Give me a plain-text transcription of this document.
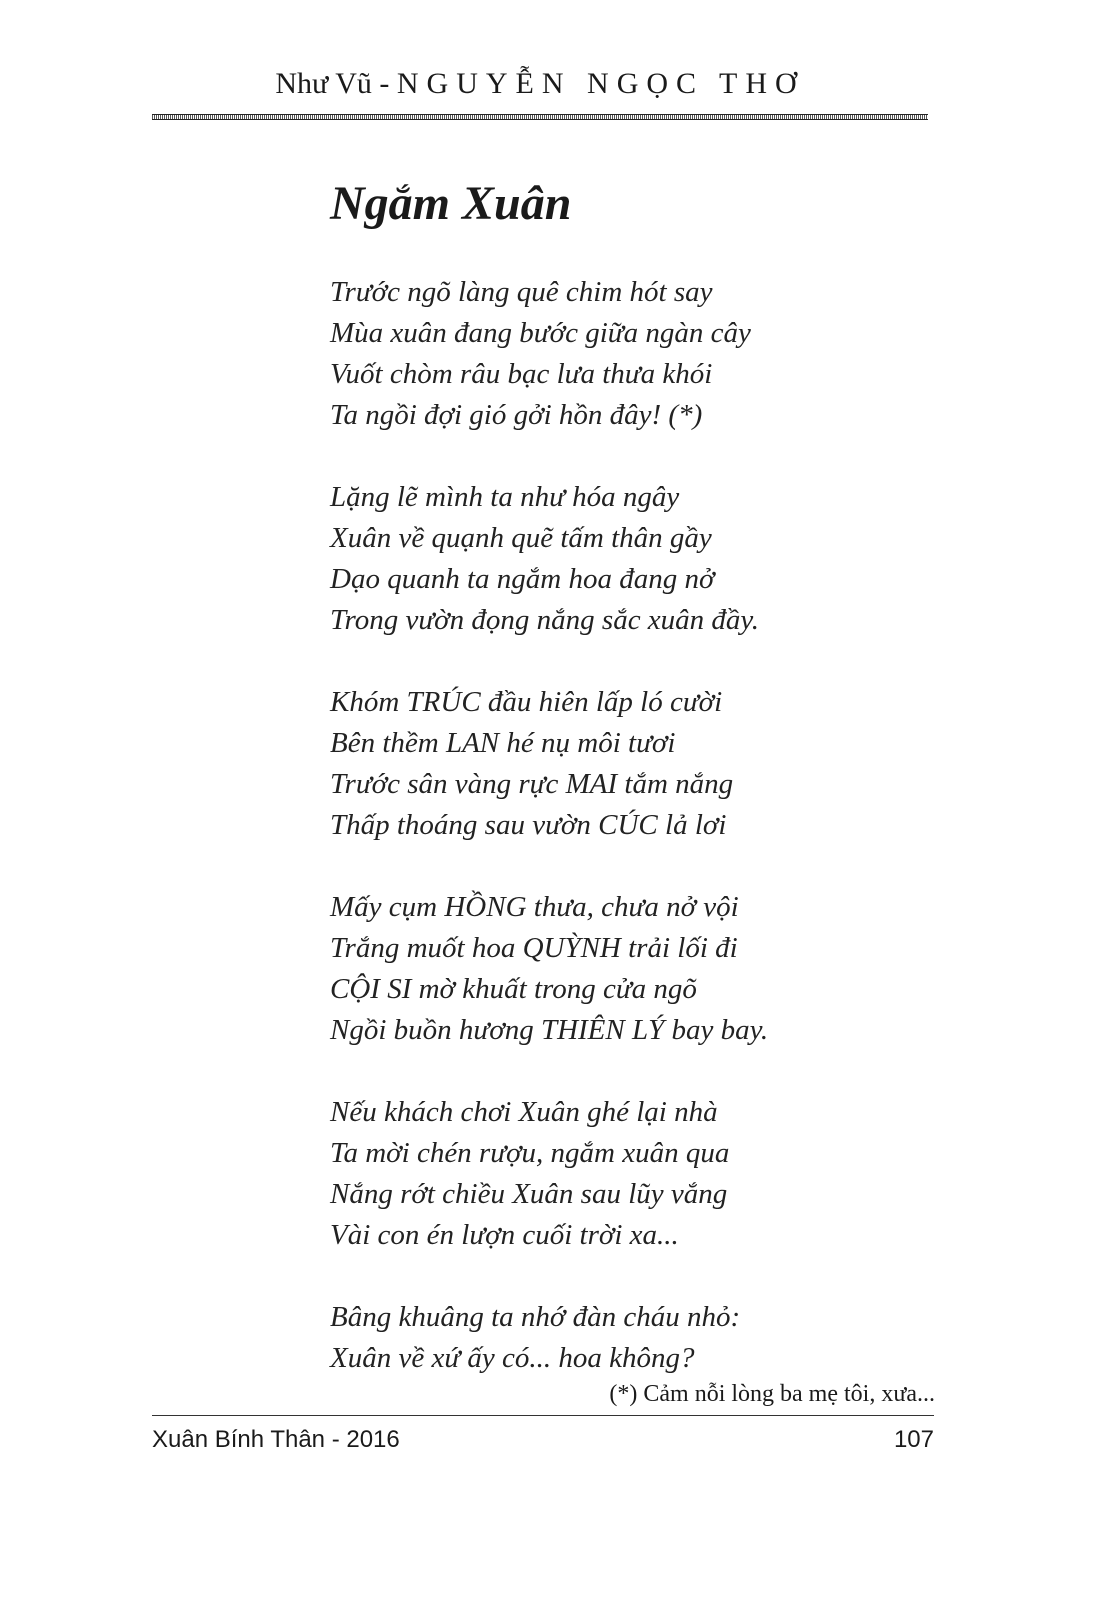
Như Vũ - NGUYỄN NGỌC THƠ
Ngắm Xuân
Trước ngõ làng quê chim hót say
Mùa xuân đang bước giữa ngàn cây
Vuốt chòm râu bạc lưa thưa khói
Ta ngồi đợi gió gởi hồn đây! (*)
Lặng lẽ mình ta như hóa ngây
Xuân về quạnh quẽ tấm thân gầy
Dạo quanh ta ngắm hoa đang nở
Trong vườn đọng nắng sắc xuân đầy.
Khóm TRÚC đầu hiên lấp ló cười
Bên thềm LAN hé nụ môi tươi
Trước sân vàng rực MAI tắm nắng
Thấp thoáng sau vườn CÚC lả lơi
Mấy cụm HỒNG thưa, chưa nở vội
Trắng muốt hoa QUỲNH trải lối đi
CỘI SI mờ khuất trong cửa ngõ
Ngồi buồn hương THIÊN LÝ bay bay.
Nếu khách chơi Xuân ghé lại nhà
Ta mời chén rượu, ngắm xuân qua
Nắng rớt chiều Xuân sau lũy vắng
Vài con én lượn cuối trời xa...
Bâng khuâng ta nhớ đàn cháu nhỏ:
Xuân về xứ ấy có... hoa không?
(*) Cảm nỗi lòng ba mẹ tôi, xưa...
Xuân Bính Thân - 2016	107
